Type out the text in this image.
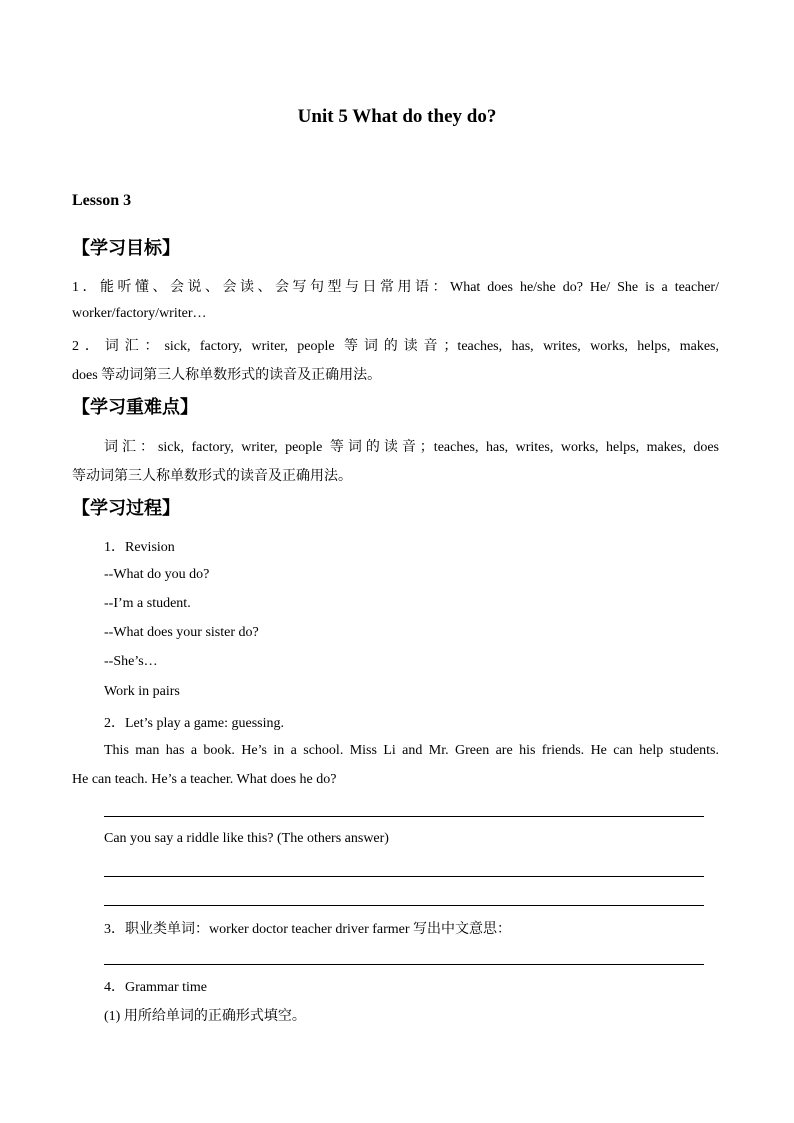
Unit 5 What do they do?
Lesson 3
【学习目标】
1．能听懂、会说、会读、会写句型与日常用语：What does he/she do? He/ She is a teacher/
worker/factory/writer…
2．词汇：sick, factory, writer, people 等词的读音；teaches, has, writes, works, helps, makes,
does 等动词第三人称单数形式的读音及正确用法。
【学习重难点】
词汇：sick, factory, writer, people 等词的读音；teaches, has, writes, works, helps, makes, does
等动词第三人称单数形式的读音及正确用法。
【学习过程】
1．Revision
--What do you do?
--I’m a student.
--What does your sister do?
--She’s…
Work in pairs
2．Let’s play a game: guessing.
This man has a book. He’s in a school. Miss Li and Mr. Green are his friends. He can help students.
He can teach. He’s a teacher. What does he do?
Can you say a riddle like this? (The others answer)
3．职业类单词：worker doctor teacher driver farmer 写出中文意思：
4．Grammar time
(1) 用所给单词的正确形式填空。
